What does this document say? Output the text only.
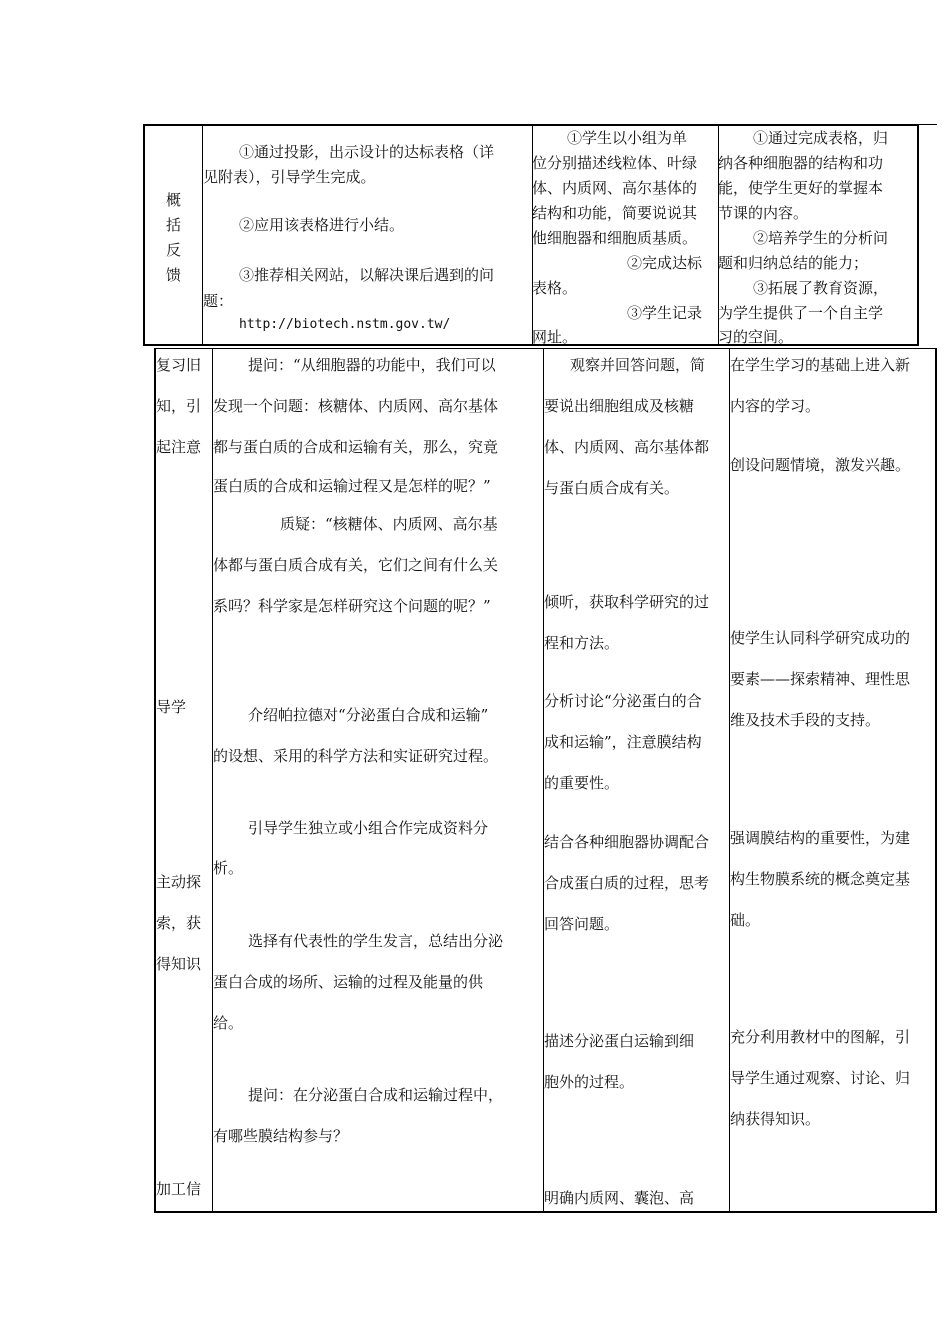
概
括
反
馈
①通过投影，出示设计的达标表格（详
见附表），引导学生完成。
②应用该表格进行小结。
③推荐相关网站，以解决课后遇到的问
题：
http://biotech.nstm.gov.tw/
①学生以小组为单
位分别描述线粒体、叶绿
体、内质网、高尔基体的
结构和功能，简要说说其
他细胞器和细胞质基质。
②完成达标
表格。
③学生记录
网址。
①通过完成表格，归
纳各种细胞器的结构和功
能，使学生更好的掌握本
节课的内容。
②培养学生的分析问
题和归纳总结的能力；
③拓展了教育资源，
为学生提供了一个自主学
习的空间。
复习旧
知，引
起注意
导学
主动探
索，获
得知识
加工信
提问：“从细胞器的功能中，我们可以
发现一个问题：核糖体、内质网、高尔基体
都与蛋白质的合成和运输有关，那么，究竟
蛋白质的合成和运输过程又是怎样的呢？”
质疑：“核糖体、内质网、高尔基
体都与蛋白质合成有关，它们之间有什么关
系吗？科学家是怎样研究这个问题的呢？”
介绍帕拉德对“分泌蛋白合成和运输”
的设想、采用的科学方法和实证研究过程。
引导学生独立或小组合作完成资料分
析。
选择有代表性的学生发言，总结出分泌
蛋白合成的场所、运输的过程及能量的供
给。
提问：在分泌蛋白合成和运输过程中，
有哪些膜结构参与？
观察并回答问题，简
要说出细胞组成及核糖
体、内质网、高尔基体都
与蛋白质合成有关。
倾听，获取科学研究的过
程和方法。
分析讨论“分泌蛋白的合
成和运输”，注意膜结构
的重要性。
结合各种细胞器协调配合
合成蛋白质的过程，思考
回答问题。
描述分泌蛋白运输到细
胞外的过程。
明确内质网、囊泡、高
在学生学习的基础上进入新
内容的学习。
创设问题情境，激发兴趣。
使学生认同科学研究成功的
要素——探索精神、理性思
维及技术手段的支持。
强调膜结构的重要性，为建
构生物膜系统的概念奠定基
础。
充分利用教材中的图解，引
导学生通过观察、讨论、归
纳获得知识。
